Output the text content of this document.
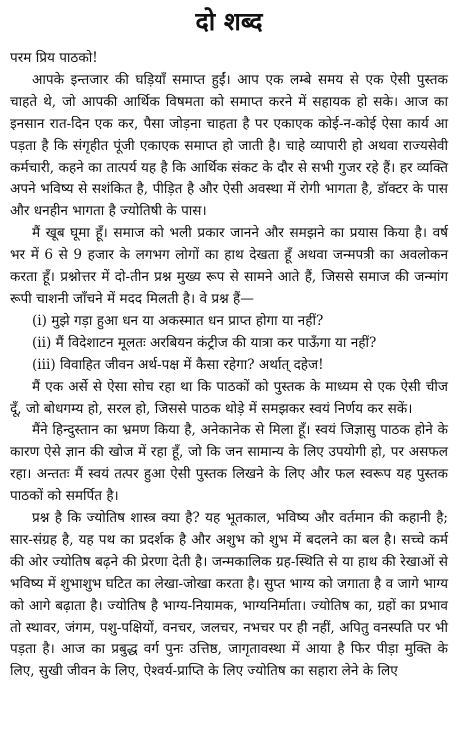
दो शब्द

परम प्रिय पाठको!

आपके इन्तजार की घड़ियाँ समाप्त हुईं। आप एक लम्बे समय से एक ऐसी पुस्तक चाहते थे, जो आपकी आर्थिक विषमता को समाप्त करने में सहायक हो सके। आज का इनसान रात-दिन एक कर, पैसा जोड़ना चाहता है पर एकाएक कोई-न-कोई ऐसा कार्य आ पड़ता है कि संगृहीत पूंजी एकाएक समाप्त हो जाती है। चाहे व्यापारी हो अथवा राज्यसेवी कर्मचारी, कहने का तात्पर्य यह है कि आर्थिक संकट के दौर से सभी गुजर रहे हैं। हर व्यक्ति अपने भविष्य से सशंकित है, पीड़ित है और ऐसी अवस्था में रोगी भागता है, डॉक्टर के पास और धनहीन भागता है ज्योतिषी के पास।

मैं खूब घूमा हूँ। समाज को भली प्रकार जानने और समझने का प्रयास किया है। वर्ष भर में 6 से 9 हजार के लगभग लोगों का हाथ देखता हूँ अथवा जन्मपत्री का अवलोकन करता हूँ। प्रश्नोत्तर में दो-तीन प्रश्न मुख्य रूप से सामने आते हैं, जिससे समाज की जन्मांग रूपी चाशनी जाँचने में मदद मिलती है। वे प्रश्न हैं—

(i) मुझे गड़ा हुआ धन या अकस्मात धन प्राप्त होगा या नहीं?

(ii) मैं विदेशाटन मूलतः अरबियन कंट्रीज की यात्रा कर पाऊँगा या नहीं?

(iii) विवाहित जीवन अर्थ-पक्ष में कैसा रहेगा? अर्थात् दहेज!

मैं एक अर्से से ऐसा सोच रहा था कि पाठकों को पुस्तक के माध्यम से एक ऐसी चीज दूँ, जो बोधगम्य हो, सरल हो, जिससे पाठक थोड़े में समझकर स्वयं निर्णय कर सकें।

मैंने हिन्दुस्तान का भ्रमण किया है, अनेकानेक से मिला हूँ। स्वयं जिज्ञासु पाठक होने के कारण ऐसे ज्ञान की खोज में रहा हूँ, जो कि जन सामान्य के लिए उपयोगी हो, पर असफल रहा। अन्ततः मैं स्वयं तत्पर हुआ ऐसी पुस्तक लिखने के लिए और फल स्वरूप यह पुस्तक पाठकों को समर्पित है।

प्रश्न है कि ज्योतिष शास्त्र क्या है? यह भूतकाल, भविष्य और वर्तमान की कहानी है; सार-संग्रह है, यह पथ का प्रदर्शक है और अशुभ को शुभ में बदलने का बल है। सच्चे कर्म की ओर ज्योतिष बढ़ने की प्रेरणा देती है। जन्मकालिक ग्रह-स्थिति से या हाथ की रेखाओं से भविष्य में शुभाशुभ घटित का लेखा-जोखा करता है। सुप्त भाग्य को जगाता है व जागे भाग्य को आगे बढ़ाता है। ज्योतिष है भाग्य-नियामक, भाग्यनिर्माता। ज्योतिष का, ग्रहों का प्रभाव तो स्थावर, जंगम, पशु-पक्षियों, वनचर, जलचर, नभचर पर ही नहीं, अपितु वनस्पति पर भी पड़ता है। आज का प्रबुद्ध वर्ग पुनः उत्तिष्ठ, जागृतावस्था में आया है फिर पीड़ा मुक्ति के लिए, सुखी जीवन के लिए, ऐश्वर्य-प्राप्ति के लिए ज्योतिष का सहारा लेने के लिए
